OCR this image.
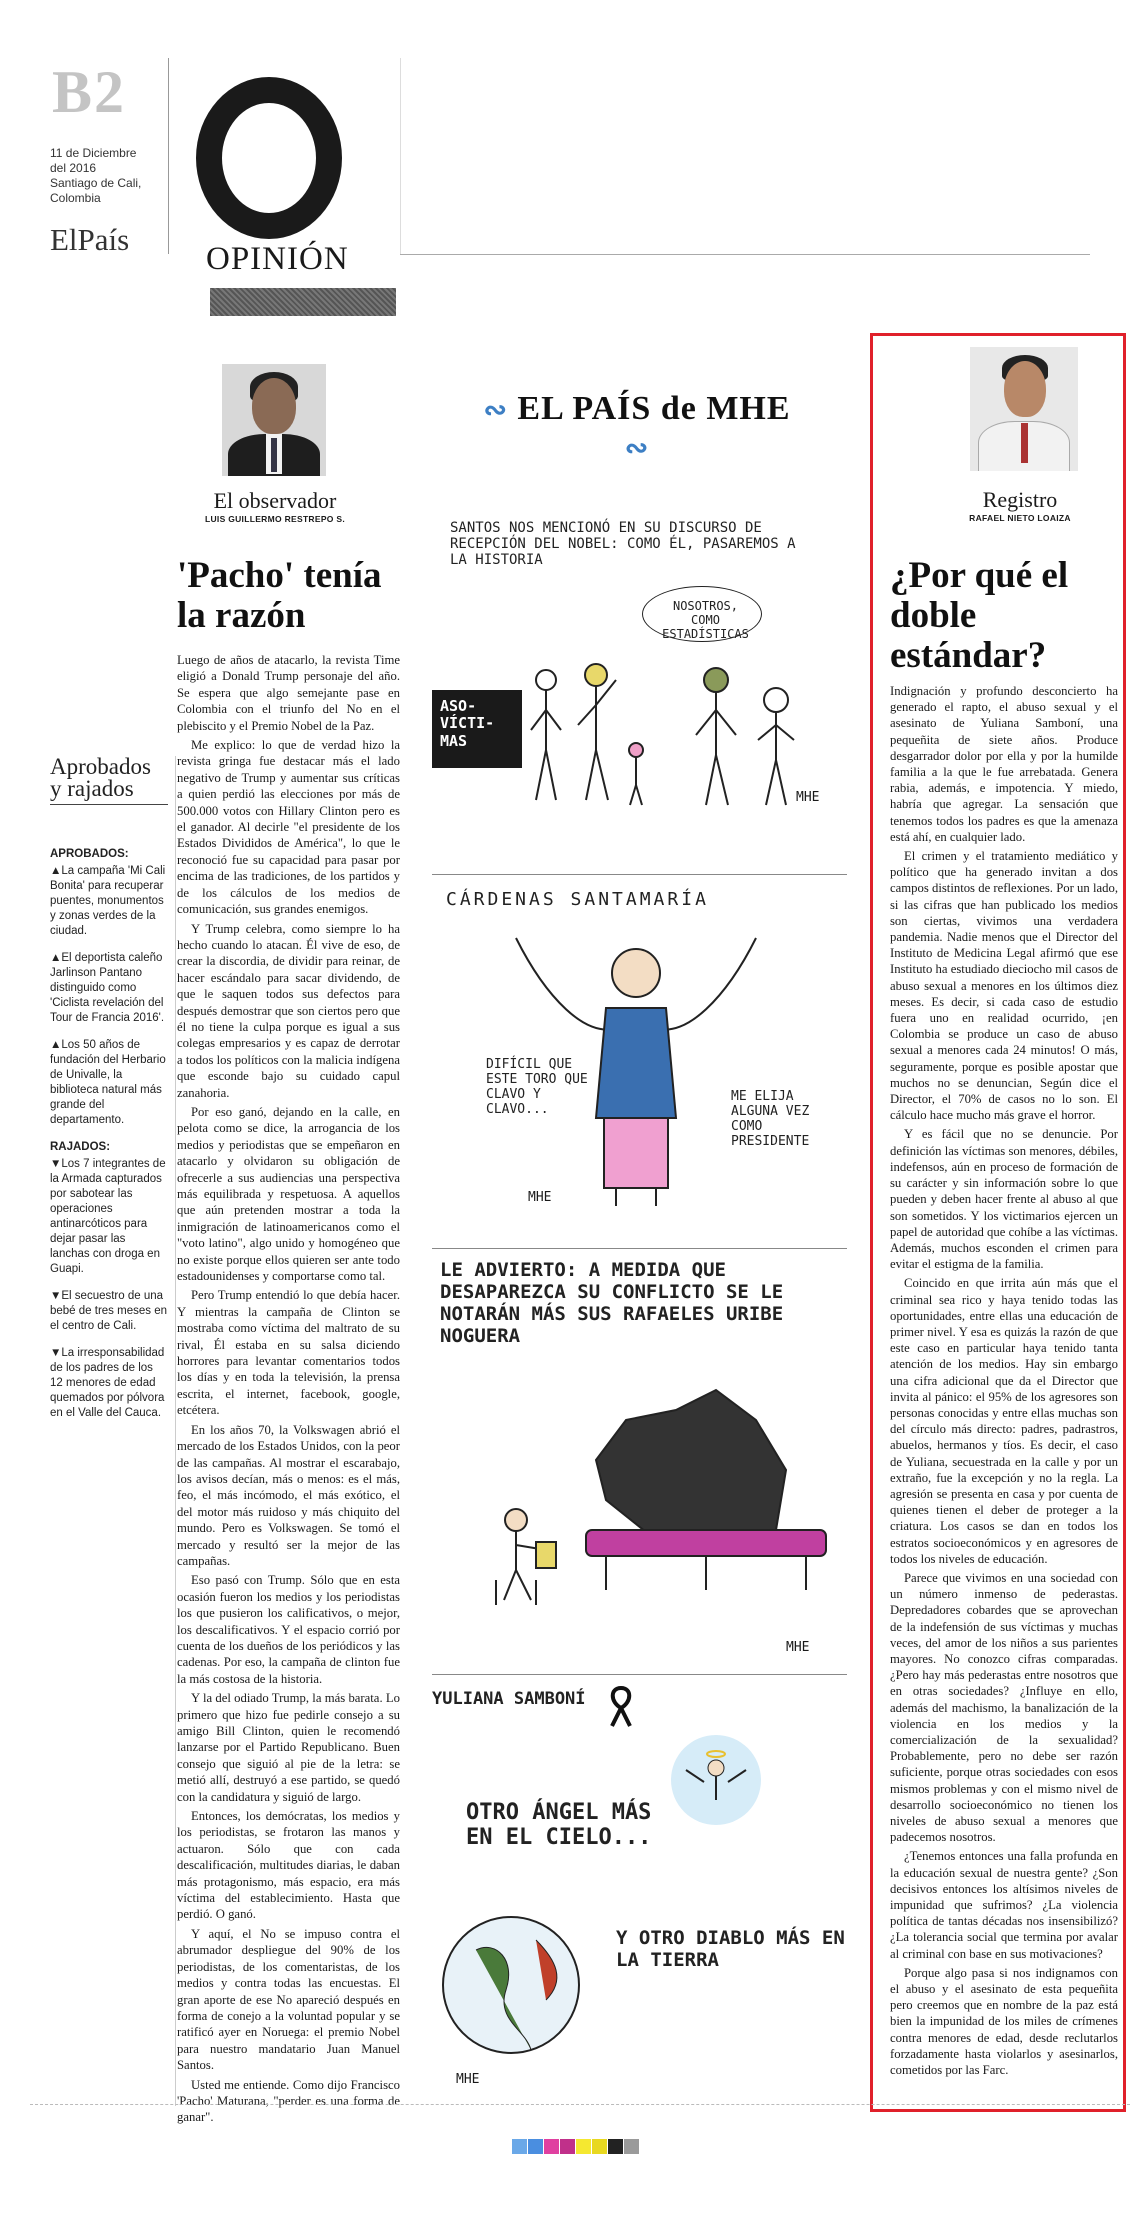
B2
11 de Diciembre
del 2016
Santiago de Cali,
Colombia
ElPaís
OPINIÓN
Aprobados y rajados
APROBADOS:
▲La campaña 'Mi Cali Bonita' para recuperar puentes, monumentos y zonas verdes de la ciudad.
▲El deportista caleño Jarlinson Pantano distinguido como 'Ciclista revelación del Tour de Francia 2016'.
▲Los 50 años de fundación del Herbario de Univalle, la biblioteca natural más grande del departamento.
RAJADOS:
▼Los 7 integrantes de la Armada capturados por sabotear las operaciones antinarcóticos para dejar pasar las lanchas con droga en Guapi.
▼El secuestro de una bebé de tres meses en el centro de Cali.
▼La irresponsabilidad de los padres de los 12 menores de edad quemados por pólvora en el Valle del Cauca.
El observador
LUIS GUILLERMO RESTREPO S.
'Pacho' tenía la razón

Luego de años de atacarlo, la revista Time eligió a Donald Trump personaje del año. Se espera que algo semejante pase en Colombia con el triunfo del No en el plebiscito y el Premio Nobel de la Paz.

Me explico: lo que de verdad hizo la revista gringa fue destacar más el lado negativo de Trump y aumentar sus críticas a quien perdió las elecciones por más de 500.000 votos con Hillary Clinton pero es el ganador. Al decirle "el presidente de los Estados Divididos de América", lo que le reconoció fue su capacidad para pasar por encima de las tradiciones, de los partidos y de los cálculos de los medios de comunicación, sus grandes enemigos.

Y Trump celebra, como siempre lo ha hecho cuando lo atacan. Él vive de eso, de crear la discordia, de dividir para reinar, de hacer escándalo para sacar dividendo, de que le saquen todos sus defectos para después demostrar que son ciertos pero que él no tiene la culpa porque es igual a sus colegas empresarios y es capaz de derrotar a todos los políticos con la malicia indígena que esconde bajo su cuidado capul zanahoria.

Por eso ganó, dejando en la calle, en pelota como se dice, la arrogancia de los medios y periodistas que se empeñaron en atacarlo y olvidaron su obligación de ofrecerle a sus audiencias una perspectiva más equilibrada y respetuosa. A aquellos que aún pretenden mostrar a toda la inmigración de latinoamericanos como el "voto latino", algo unido y homogéneo que no existe porque ellos quieren ser ante todo estadounidenses y comportarse como tal.

Pero Trump entendió lo que debía hacer. Y mientras la campaña de Clinton se mostraba como víctima del maltrato de su rival, Él estaba en su salsa diciendo horrores para levantar comentarios todos los días y en toda la televisión, la prensa escrita, el internet, facebook, google, etcétera.

En los años 70, la Volkswagen abrió el mercado de los Estados Unidos, con la peor de las campañas. Al mostrar el escarabajo, los avisos decían, más o menos: es el más, feo, el más incómodo, el más exótico, el del motor más ruidoso y más chiquito del mundo. Pero es Volkswagen. Se tomó el mercado y resultó ser la mejor de las campañas.

Eso pasó con Trump. Sólo que en esta ocasión fueron los medios y los periodistas los que pusieron los calificativos, o mejor, los descalificativos. Y el espacio corrió por cuenta de los dueños de los periódicos y las cadenas. Por eso, la campaña de clinton fue la más costosa de la historia.

Y la del odiado Trump, la más barata. Lo primero que hizo fue pedirle consejo a su amigo Bill Clinton, quien le recomendó lanzarse por el Partido Republicano. Buen consejo que siguió al pie de la letra: se metió allí, destruyó a ese partido, se quedó con la candidatura y siguió de largo.

Entonces, los demócratas, los medios y los periodistas, se frotaron las manos y actuaron. Sólo que con cada descalificación, multitudes diarias, le daban más protagonismo, más espacio, era más víctima del establecimiento. Hasta que perdió. O ganó.

Y aquí, el No se impuso contra el abrumador despliegue del 90% de los periodistas, de los comentaristas, de los medios y contra todas las encuestas. El gran aporte de ese No apareció después en forma de conejo a la voluntad popular y se ratificó ayer en Noruega: el premio Nobel para nuestro mandatario Juan Manuel Santos.

Usted me entiende. Como dijo Francisco 'Pacho' Maturana, "perder es una forma de ganar".

∾ EL PAÍS de MHE ∾
SANTOS NOS MENCIONÓ EN SU DISCURSO DE RECEPCIÓN DEL NOBEL: COMO ÉL, PASAREMOS A LA HISTORIA
NOSOTROS, COMO ESTADÍSTICAS
ASO-VÍCTI-MAS
MHE
CÁRDENAS SANTAMARÍA
DIFÍCIL QUE ESTE TORO QUE CLAVO Y CLAVO...
ME ELIJA ALGUNA VEZ COMO PRESIDENTE
MHE
LE ADVIERTO: A MEDIDA QUE DESAPAREZCA SU CONFLICTO SE LE NOTARÁN MÁS SUS RAFAELES URIBE NOGUERA
MHE
YULIANA SAMBONÍ
OTRO ÁNGEL MÁS EN EL CIELO...
Y OTRO DIABLO MÁS EN LA TIERRA
MHE
Registro
RAFAEL NIETO LOAIZA
¿Por qué el doble estándar?

Indignación y profundo desconcierto ha generado el rapto, el abuso sexual y el asesinato de Yuliana Samboní, una pequeñita de siete años. Produce desgarrador dolor por ella y por la humilde familia a la que le fue arrebatada. Genera rabia, además, e impotencia. Y miedo, habría que agregar. La sensación que tenemos todos los padres es que la amenaza está ahí, en cualquier lado.

El crimen y el tratamiento mediático y político que ha generado invitan a dos campos distintos de reflexiones. Por un lado, si las cifras que han publicado los medios son ciertas, vivimos una verdadera pandemia. Nadie menos que el Director del Instituto de Medicina Legal afirmó que ese Instituto ha estudiado dieciocho mil casos de abuso sexual a menores en los últimos diez meses. Es decir, si cada caso de estudio fuera uno en realidad ocurrido, ¡en Colombia se produce un caso de abuso sexual a menores cada 24 minutos! O más, seguramente, porque es posible apostar que muchos no se denuncian, Según dice el Director, el 70% de casos no lo son. El cálculo hace mucho más grave el horror.

Y es fácil que no se denuncie. Por definición las víctimas son menores, débiles, indefensos, aún en proceso de formación de su carácter y sin información sobre lo que pueden y deben hacer frente al abuso al que son sometidos. Y los victimarios ejercen un papel de autoridad que cohíbe a las víctimas. Además, muchos esconden el crimen para evitar el estigma de la familia.

Coincido en que irrita aún más que el criminal sea rico y haya tenido todas las oportunidades, entre ellas una educación de primer nivel. Y esa es quizás la razón de que este caso en particular haya tenido tanta atención de los medios. Hay sin embargo una cifra adicional que da el Director que invita al pánico: el 95% de los agresores son personas conocidas y entre ellas muchas son del círculo más directo: padres, padrastros, abuelos, hermanos y tíos. Es decir, el caso de Yuliana, secuestrada en la calle y por un extraño, fue la excepción y no la regla. La agresión se presenta en casa y por cuenta de quienes tienen el deber de proteger a la criatura. Los casos se dan en todos los estratos socioeconómicos y en agresores de todos los niveles de educación.

Parece que vivimos en una sociedad con un número inmenso de pederastas. Depredadores cobardes que se aprovechan de la indefensión de sus víctimas y muchas veces, del amor de los niños a sus parientes mayores. No conozco cifras comparadas. ¿Pero hay más pederastas entre nosotros que en otras sociedades? ¿Influye en ello, además del machismo, la banalización de la violencia en los medios y la comercialización de la sexualidad? Probablemente, pero no debe ser razón suficiente, porque otras sociedades con esos mismos problemas y con el mismo nivel de desarrollo socioeconómico no tienen los niveles de abuso sexual a menores que padecemos nosotros.

¿Tenemos entonces una falla profunda en la educación sexual de nuestra gente? ¿Son decisivos entonces los altísimos niveles de impunidad que sufrimos? ¿La violencia política de tantas décadas nos insensibilizó? ¿La tolerancia social que termina por avalar al criminal con base en sus motivaciones?

Porque algo pasa si nos indignamos con el abuso y el asesinato de esta pequeñita pero creemos que en nombre de la paz está bien la impunidad de los miles de crímenes contra menores de edad, desde reclutarlos forzadamente hasta violarlos y asesinarlos, cometidos por las Farc.
